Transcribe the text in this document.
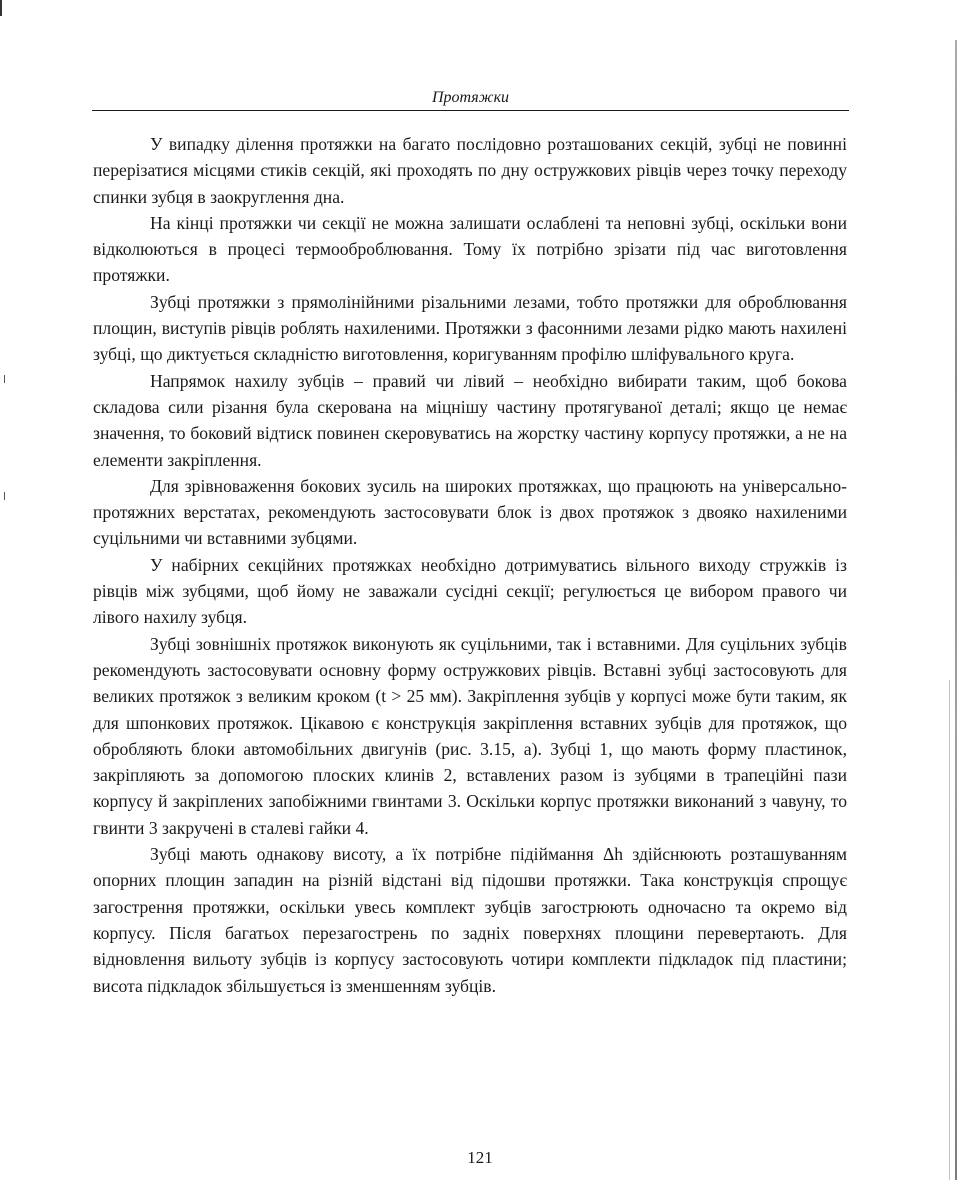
Протяжки

У випадку ділення протяжки на багато послідовно розташованих секцій, зубці не повинні перерізатися місцями стиків секцій, які проходять по дну остружкових рівців через точку переходу спинки зубця в заокруглення дна.

На кінці протяжки чи секції не можна залишати ослаблені та неповні зубці, оскільки вони відколюються в процесі термооброблювання. Тому їх потрібно зрізати під час виготовлення протяжки.

Зубці протяжки з прямолінійними різальними лезами, тобто протяжки для оброблювання площин, виступів рівців роблять нахиленими. Протяжки з фасонними лезами рідко мають нахилені зубці, що диктується складністю виготовлення, коригуванням профілю шліфувального круга.

Напрямок нахилу зубців – правий чи лівий – необхідно вибирати таким, щоб бокова складова сили різання була скерована на міцнішу частину протягуваної деталі; якщо це немає значення, то боковий відтиск повинен скеровуватись на жорстку частину корпусу протяжки, а не на елементи закріплення.

Для зрівноваження бокових зусиль на широких протяжках, що працюють на універсально-протяжних верстатах, рекомендують застосовувати блок із двох протяжок з двояко нахиленими суцільними чи вставними зубцями.

У набірних секційних протяжках необхідно дотримуватись вільного виходу стружків із рівців між зубцями, щоб йому не заважали сусідні секції; регулюється це вибором правого чи лівого нахилу зубця.

Зубці зовнішніх протяжок виконують як суцільними, так і вставними. Для суцільних зубців рекомендують застосовувати основну форму остружкових рівців. Вставні зубці застосовують для великих протяжок з великим кроком (t > 25 мм). Закріплення зубців у корпусі може бути таким, як для шпонкових протяжок. Цікавою є конструкція закріплення вставних зубців для протяжок, що обробляють блоки автомобільних двигунів (рис. 3.15, а). Зубці 1, що мають форму пластинок, закріпляють за допомогою плоских клинів 2, вставлених разом із зубцями в трапеційні пази корпусу й закріплених запобіжними гвинтами 3. Оскільки корпус протяжки виконаний з чавуну, то гвинти 3 закручені в сталеві гайки 4.

Зубці мають однакову висоту, а їх потрібне підіймання Δh здійснюють розташуванням опорних площин западин на різній відстані від підошви протяжки. Така конструкція спрощує загострення протяжки, оскільки увесь комплект зубців загострюють одночасно та окремо від корпусу. Після багатьох перезагострень по задніх поверхнях площини перевертають. Для відновлення вильоту зубців із корпусу застосовують чотири комплекти підкладок під пластини; висота підкладок збільшується із зменшенням зубців.

121
